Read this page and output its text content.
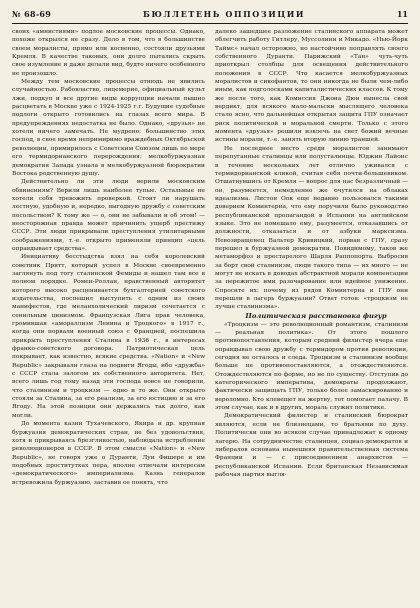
№ 68-69	БЮЛЛЕТЕНЬ ОППОЗИЦИИ	11

своих «амнистиями» подлое московские процессы. Однако, похоже открылся не сразу. Дело в том, что в большинстве своем моралисты, прямо или косвенно, состояли друзьями Кремля. В качестве таковых, они долго пытались скрыть свое изумление и даже делали вид, будто ничего особенного не произошло.

Между тем московские процессы отнюдь не явились случайностью. Рабовластво, лицемерие, официальный культ лжи, подкуп и все другие виды коррупции начали пышно расцветать в Москве уже с 1924-1925 г.г. Будущие судебные подлоги открыто готовились на глазах всего мира. В предупреждениях недостатка не было. Однако, «друзья» не хотели ничего замечать. Не мудрено: большинство этих господ, в свое время непримиримо враждебных Октябрьской революции, примирилось с Советским Союзом лишь по мере его термидорианского перерождения: мелкобуржуазная демократия Запада узнала в мелкобуржуазной бюрократии Востока родственную душу.

Действительно ли эти люди верили московским обвинениям? Верили лишь наиболее тупые. Остальные не хотели себя тревожить проверкой. Стоит ли нарушать лестную, удобную и, нередко, выгодную дружбу с советским посольством? К тому же — о, они не забывали и об этом! — неосторожная правда может причинить ущерб престижу СССР. Эти люди прикрывали преступления утилитарными соображениями, т.-е. открыто применяли принцип «цель оправдывает средства».

Инициативу бесстыдства взял на себя королевский советник Притт, который успел в Москве своевременно заглянуть под тогу сталинской Фемиды и нашел там все в полном порядке. Ромен-Роллан, нравственный авторитет которого высоко расценивается бухгалтерией советского издательства, поспешил выступить с одним из своих манифестов, где меланхолический лиризм сочетается с сенильным цинизмом. Французская Лига прав человека, громившая «амораллизм Ленина и Троцкого» в 1917 г., когда они порвали военный союз с Францией, поспешила прикрыть преступления Сталина в 1936 г., в интересах франко-советского договора. Патриотическая цель покрывает, как известно, всякие средства. «Nation» и «New Republic» закрывали глаза на подвиги Ягоды, ибо «дружба» с СССР стала залогом их собственного авторитета. Нет, всего лишь год тому назад эти господа вовсе не говорили, что сталинизм и троцкизм — одно и то же. Они открыто стояли за Сталина, за его реализм, за его юстицию и за его Ягоду. На этой позиции они держались так долго, как могли.

До момента казни Тухачевского, Якира и др. крупная буржуазия демократических стран, не без удовольствия, хотя и прикрываясь брезгливостью, наблюдала истребление революционеров в СССР. В этом смысле «Nation» и «New Republic», не говоря уже о Дуранти, Луи Фишере и им подобных проститутках пера, вполне отвечали интересам «демократического» империализма. Казнь генералов встревожила буржуазию, заставив ее понять, что

далеко зашедшее разложение сталинского аппарата может облегчить работу Гитлеру, Муссолини и Микадо. «Нью-Йорк Таймс» начал осторожно, но настойчиво поправлять своего собственного Дуранти. Парижский «Тан» чуть-чуть приоткрыл столбцы для освещения действительного положения в СССР. Что касается мелкобуржуазных моралистов и сикофантов, то они никогда не были чем-либо иным, как подголосками капиталистических классов. К тому же после того, как Комиссия Джона Дюи вынесла свой вердикт, для всякого мало-мальски мыслящего человека стало ясно, что дальнейшая открытая защита ГПУ означает риск политической и моральной смерти. Только с этого момента «друзья» решили извлечь на свет божий вечные истины морали, т.-е. занять вторую линию траншей.

Не последнее место среди моралистов занимают перепуганные сталинцы или полусталинцы. Юджин Лайонс в течение нескольких лет отлично уживался с термидорианской кликой, считая себя почти-большевиком. Отшатнувшись от Кремля — вопрос для нас безразличный — он, разумеется, немедленно же очутился на облаках идеализма. Листон Оок еще недавно пользовался такими доверием Коминтерна, что ему поручили было руководство республиканской пропагандой в Испании на английском языке. Это не помешало ему, разумеется, отказавшись от должности, отказаться и от азбуки марксизма. Невозвращенец Вальтер Кривицкий, порвав с ГПУ, сразу перешел к буржуазной демократии. Повидимому, таков же метаморфоз и престарелого Шарля Раппопорта. Выбросив за борт свой сталинизм, люди такого типа — их много — не могут не искать в доводах абстрактной морали компенсации за пережитое ими разочарование или идейное унижение. Спросите их: почему из рядов Коминтерна и ГПУ они перешли в лагерь буржуазии? Ответ готов: «троцкизм не лучше сталинизма».

Политическая расстановка фигур

«Троцкизм — это революционный романтизм, сталинизм — реальная политика». От этого пошлого противопоставления, которым средний филистер вчера еще оправдывал свою дружбу с термидором против революции, сегодня не осталось и следа. Троцкизм и сталинизм вообще больше не противопоставляются, а отождествляются. Отождествляются по форме, но не по существу. Отступив до категорического императива, демократы продолжают, фактически защищать ГПУ, только более замаскированно и вероломно. Кто клевещет на жертву, тот помогает палачу. В этом случае, как и в других, мораль служит политике.

Демократический филистер и сталинский бюрократ являются, если не близнецами, то братьями по духу. Политически они во всяком случае принадлежат к одному лагерю. На сотрудничестве сталинцев, социал-демократов и либералов основана нынешняя правительственная система Франции и — с присоединением анархистов — республиканской Испании. Если британская Независимая рабочая партия выгля-
